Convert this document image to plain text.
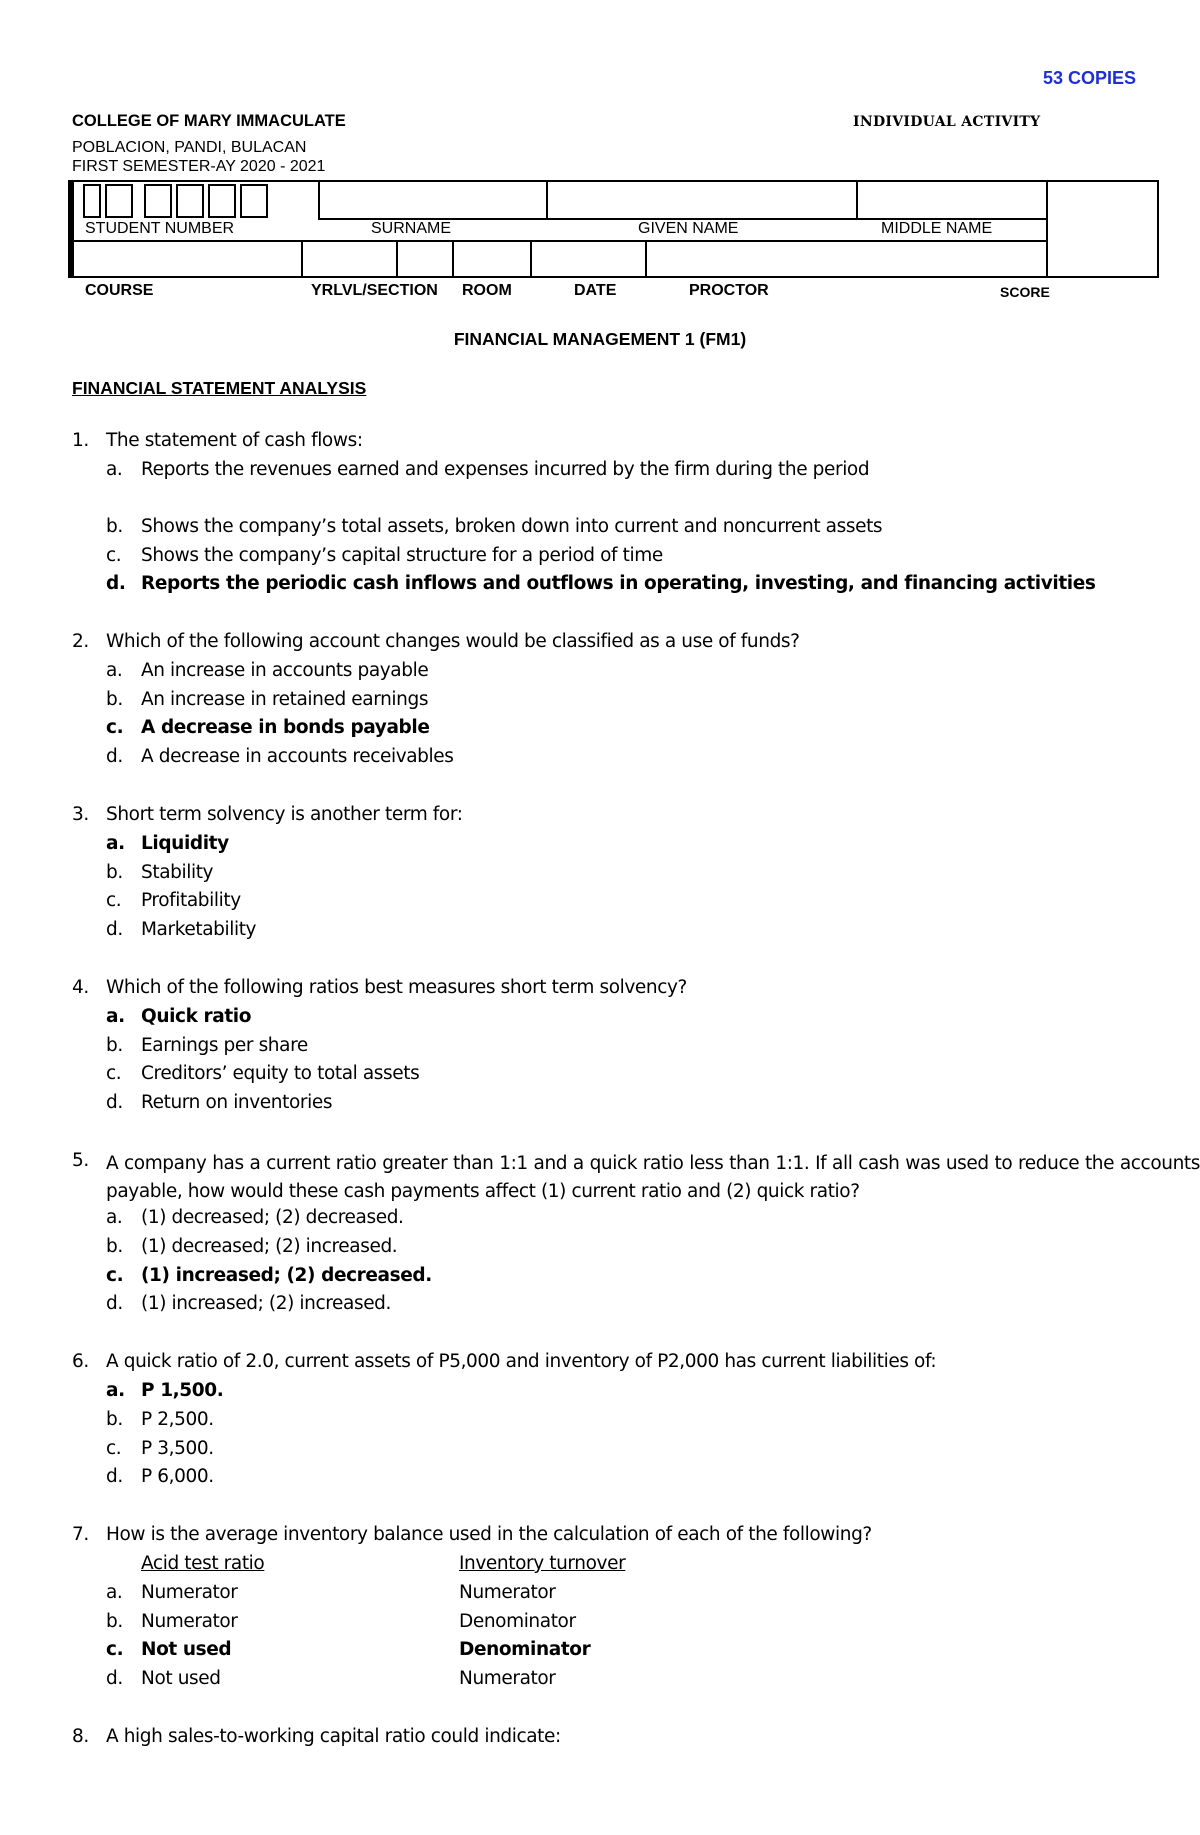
53 COPIES
COLLEGE OF MARY IMMACULATE	INDIVIDUAL ACTIVITY
POBLACION, PANDI, BULACAN
FIRST SEMESTER-AY 2020 - 2021
STUDENT NUMBER	SURNAME	GIVEN NAME	MIDDLE NAME
COURSE	YRLVL/SECTION ROOM	DATE	PROCTOR	SCORE
FINANCIAL MANAGEMENT 1 (FM1)
FINANCIAL STATEMENT ANALYSIS
1. The statement of cash flows:
a. Reports the revenues earned and expenses incurred by the firm during the period
b. Shows the company’s total assets, broken down into current and noncurrent assets
c. Shows the company’s capital structure for a period of time
d. Reports the periodic cash inflows and outflows in operating, investing, and financing activities
2. Which of the following account changes would be classified as a use of funds?
a. An increase in accounts payable
b. An increase in retained earnings
c. A decrease in bonds payable
d. A decrease in accounts receivables
3. Short term solvency is another term for:
a. Liquidity
b. Stability
c. Profitability
d. Marketability
4. Which of the following ratios best measures short term solvency?
a. Quick ratio
b. Earnings per share
c. Creditors’ equity to total assets
d. Return on inventories
5. A company has a current ratio greater than 1:1 and a quick ratio less than 1:1. If all cash was used to reduce the accounts payable, how would these cash payments affect (1) current ratio and (2) quick ratio?
a. (1) decreased; (2) decreased.
b. (1) decreased; (2) increased.
c. (1) increased; (2) decreased.
d. (1) increased; (2) increased.
6. A quick ratio of 2.0, current assets of P5,000 and inventory of P2,000 has current liabilities of:
a. P 1,500.
b. P 2,500.
c. P 3,500.
d. P 6,000.
7. How is the average inventory balance used in the calculation of each of the following?
Acid test ratio	Inventory turnover
a. Numerator	Numerator
b. Numerator	Denominator
c. Not used	Denominator
d. Not used	Numerator
8. A high sales-to-working capital ratio could indicate:
